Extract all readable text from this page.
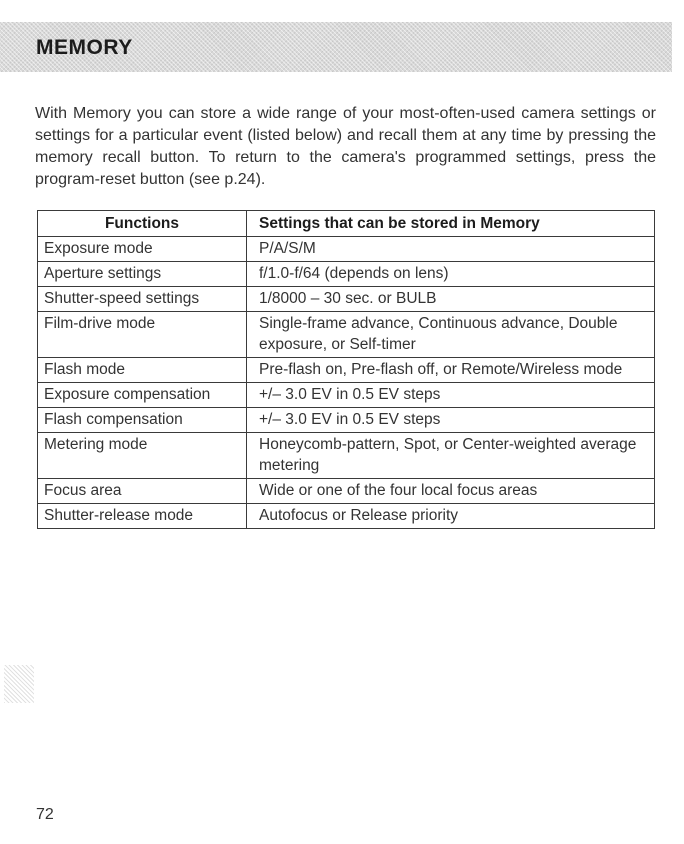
MEMORY

With Memory you can store a wide range of your most-often-used camera settings or settings for a particular event (listed below) and recall them at any time by pressing the memory recall button. To return to the camera's programmed settings, press the program-reset button (see p.24).

Functions	Settings that can be stored in Memory
Exposure mode	P/A/S/M
Aperture settings	f/1.0-f/64 (depends on lens)
Shutter-speed settings	1/8000 – 30 sec. or BULB
Film-drive mode	Single-frame advance, Continuous advance, Double exposure, or Self-timer
Flash mode	Pre-flash on, Pre-flash off, or Remote/Wireless mode
Exposure compensation	+/– 3.0 EV in 0.5 EV steps
Flash compensation	+/– 3.0 EV in 0.5 EV steps
Metering mode	Honeycomb-pattern, Spot, or Center-weighted average metering
Focus area	Wide or one of the four local focus areas
Shutter-release mode	Autofocus or Release priority
72
